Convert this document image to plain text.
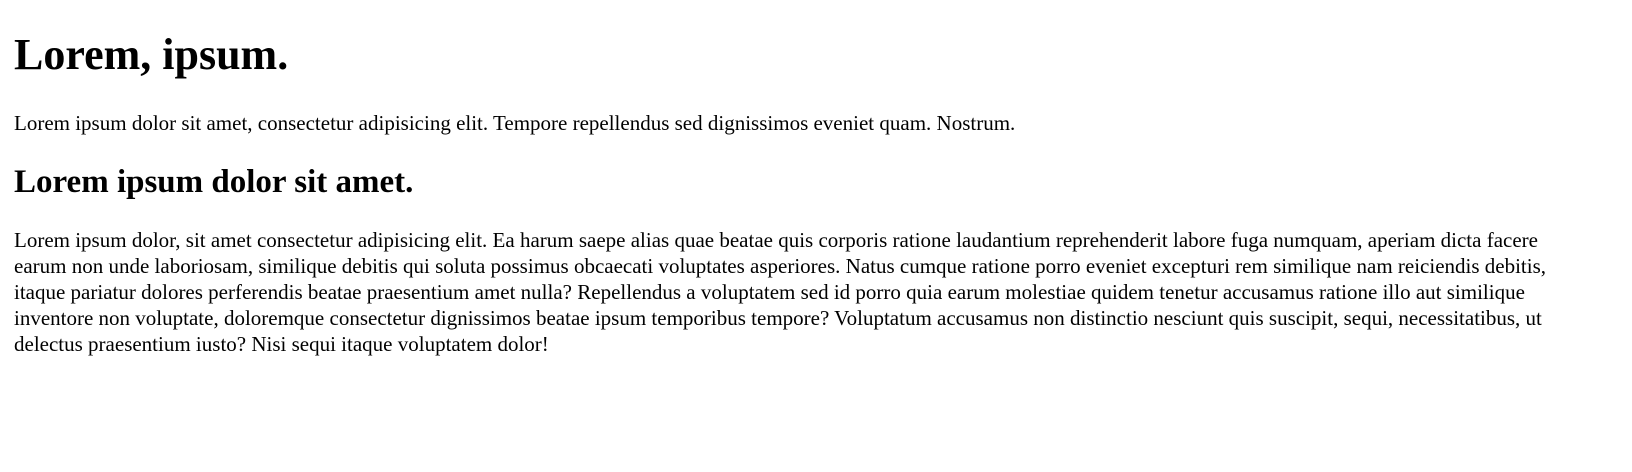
Lorem, ipsum.

Lorem ipsum dolor sit amet, consectetur adipisicing elit. Tempore repellendus sed dignissimos eveniet quam. Nostrum.

Lorem ipsum dolor sit amet.

Lorem ipsum dolor, sit amet consectetur adipisicing elit. Ea harum saepe alias quae beatae quis corporis ratione laudantium reprehenderit labore fuga numquam, aperiam dicta facere earum non unde laboriosam, similique debitis qui soluta possimus obcaecati voluptates asperiores. Natus cumque ratione porro eveniet excepturi rem similique nam reiciendis debitis, itaque pariatur dolores perferendis beatae praesentium amet nulla? Repellendus a voluptatem sed id porro quia earum molestiae quidem tenetur accusamus ratione illo aut similique inventore non voluptate, doloremque consectetur dignissimos beatae ipsum temporibus tempore? Voluptatum accusamus non distinctio nesciunt quis suscipit, sequi, necessitatibus, ut delectus praesentium iusto? Nisi sequi itaque voluptatem dolor!
